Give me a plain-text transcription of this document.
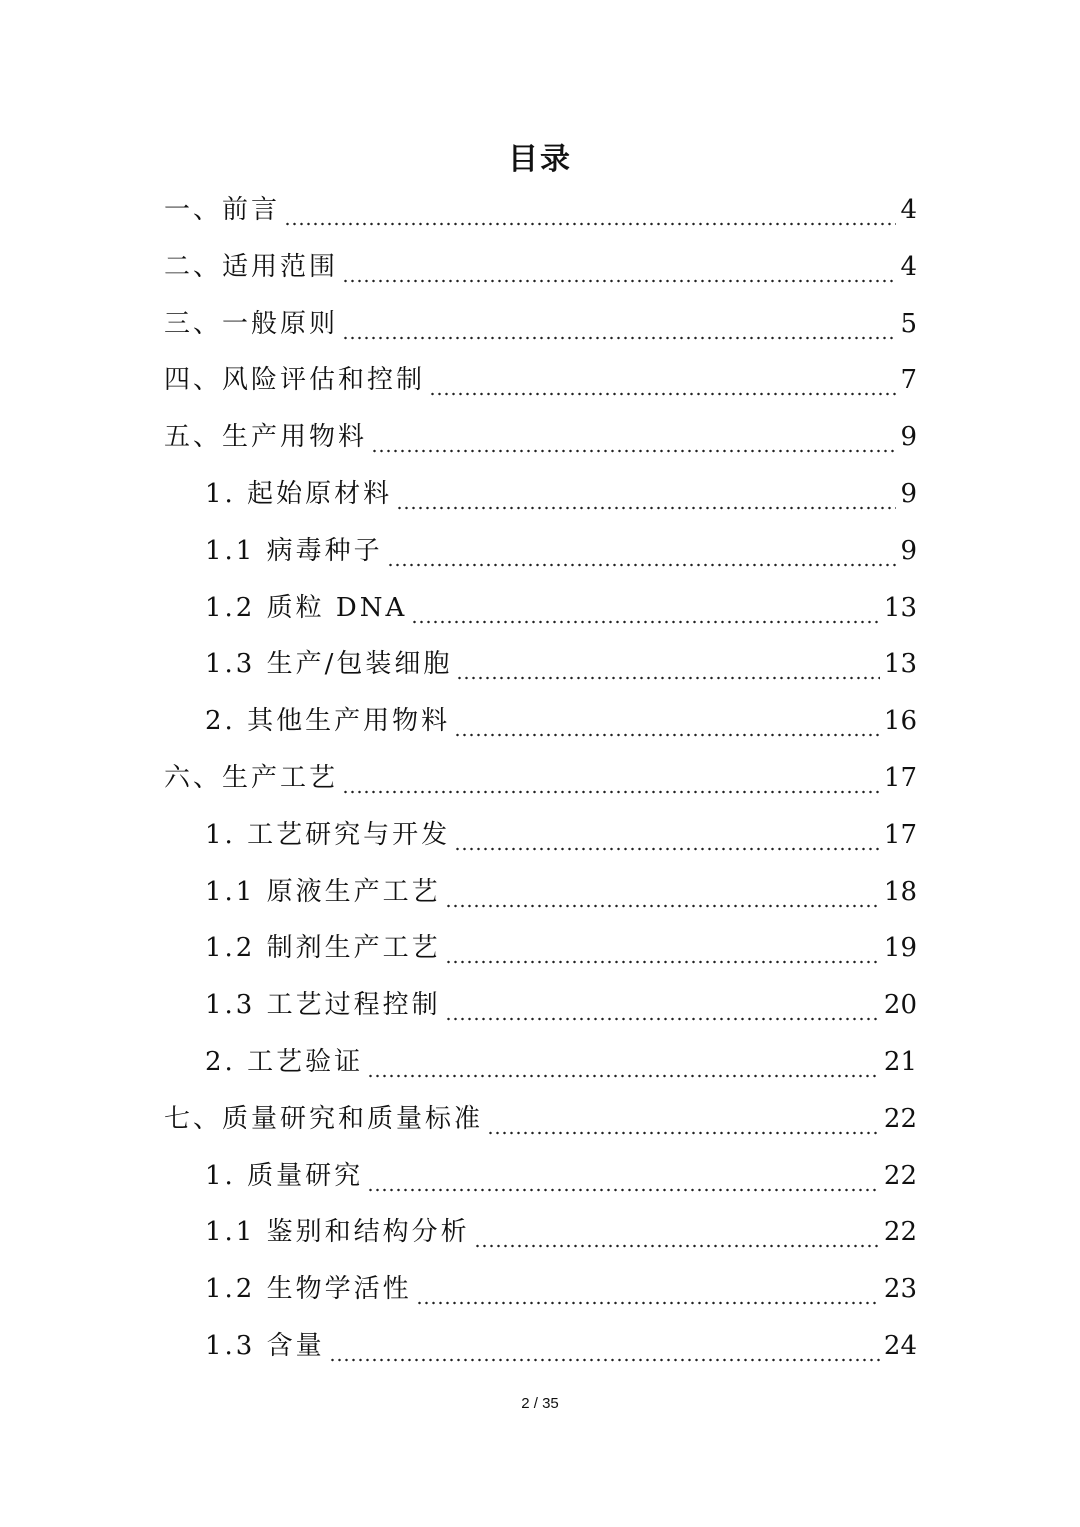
目录
一、前言	4
二、适用范围	4
三、一般原则	5
四、风险评估和控制	7
五、生产用物料	9
1. 起始原材料	9
1.1 病毒种子	9
1.2 质粒 DNA	13
1.3 生产/包装细胞	13
2. 其他生产用物料	16
六、生产工艺	17
1. 工艺研究与开发	17
1.1 原液生产工艺	18
1.2 制剂生产工艺	19
1.3 工艺过程控制	20
2. 工艺验证	21
七、质量研究和质量标准	22
1. 质量研究	22
1.1 鉴别和结构分析	22
1.2 生物学活性	23
1.3 含量	24
2 / 35
